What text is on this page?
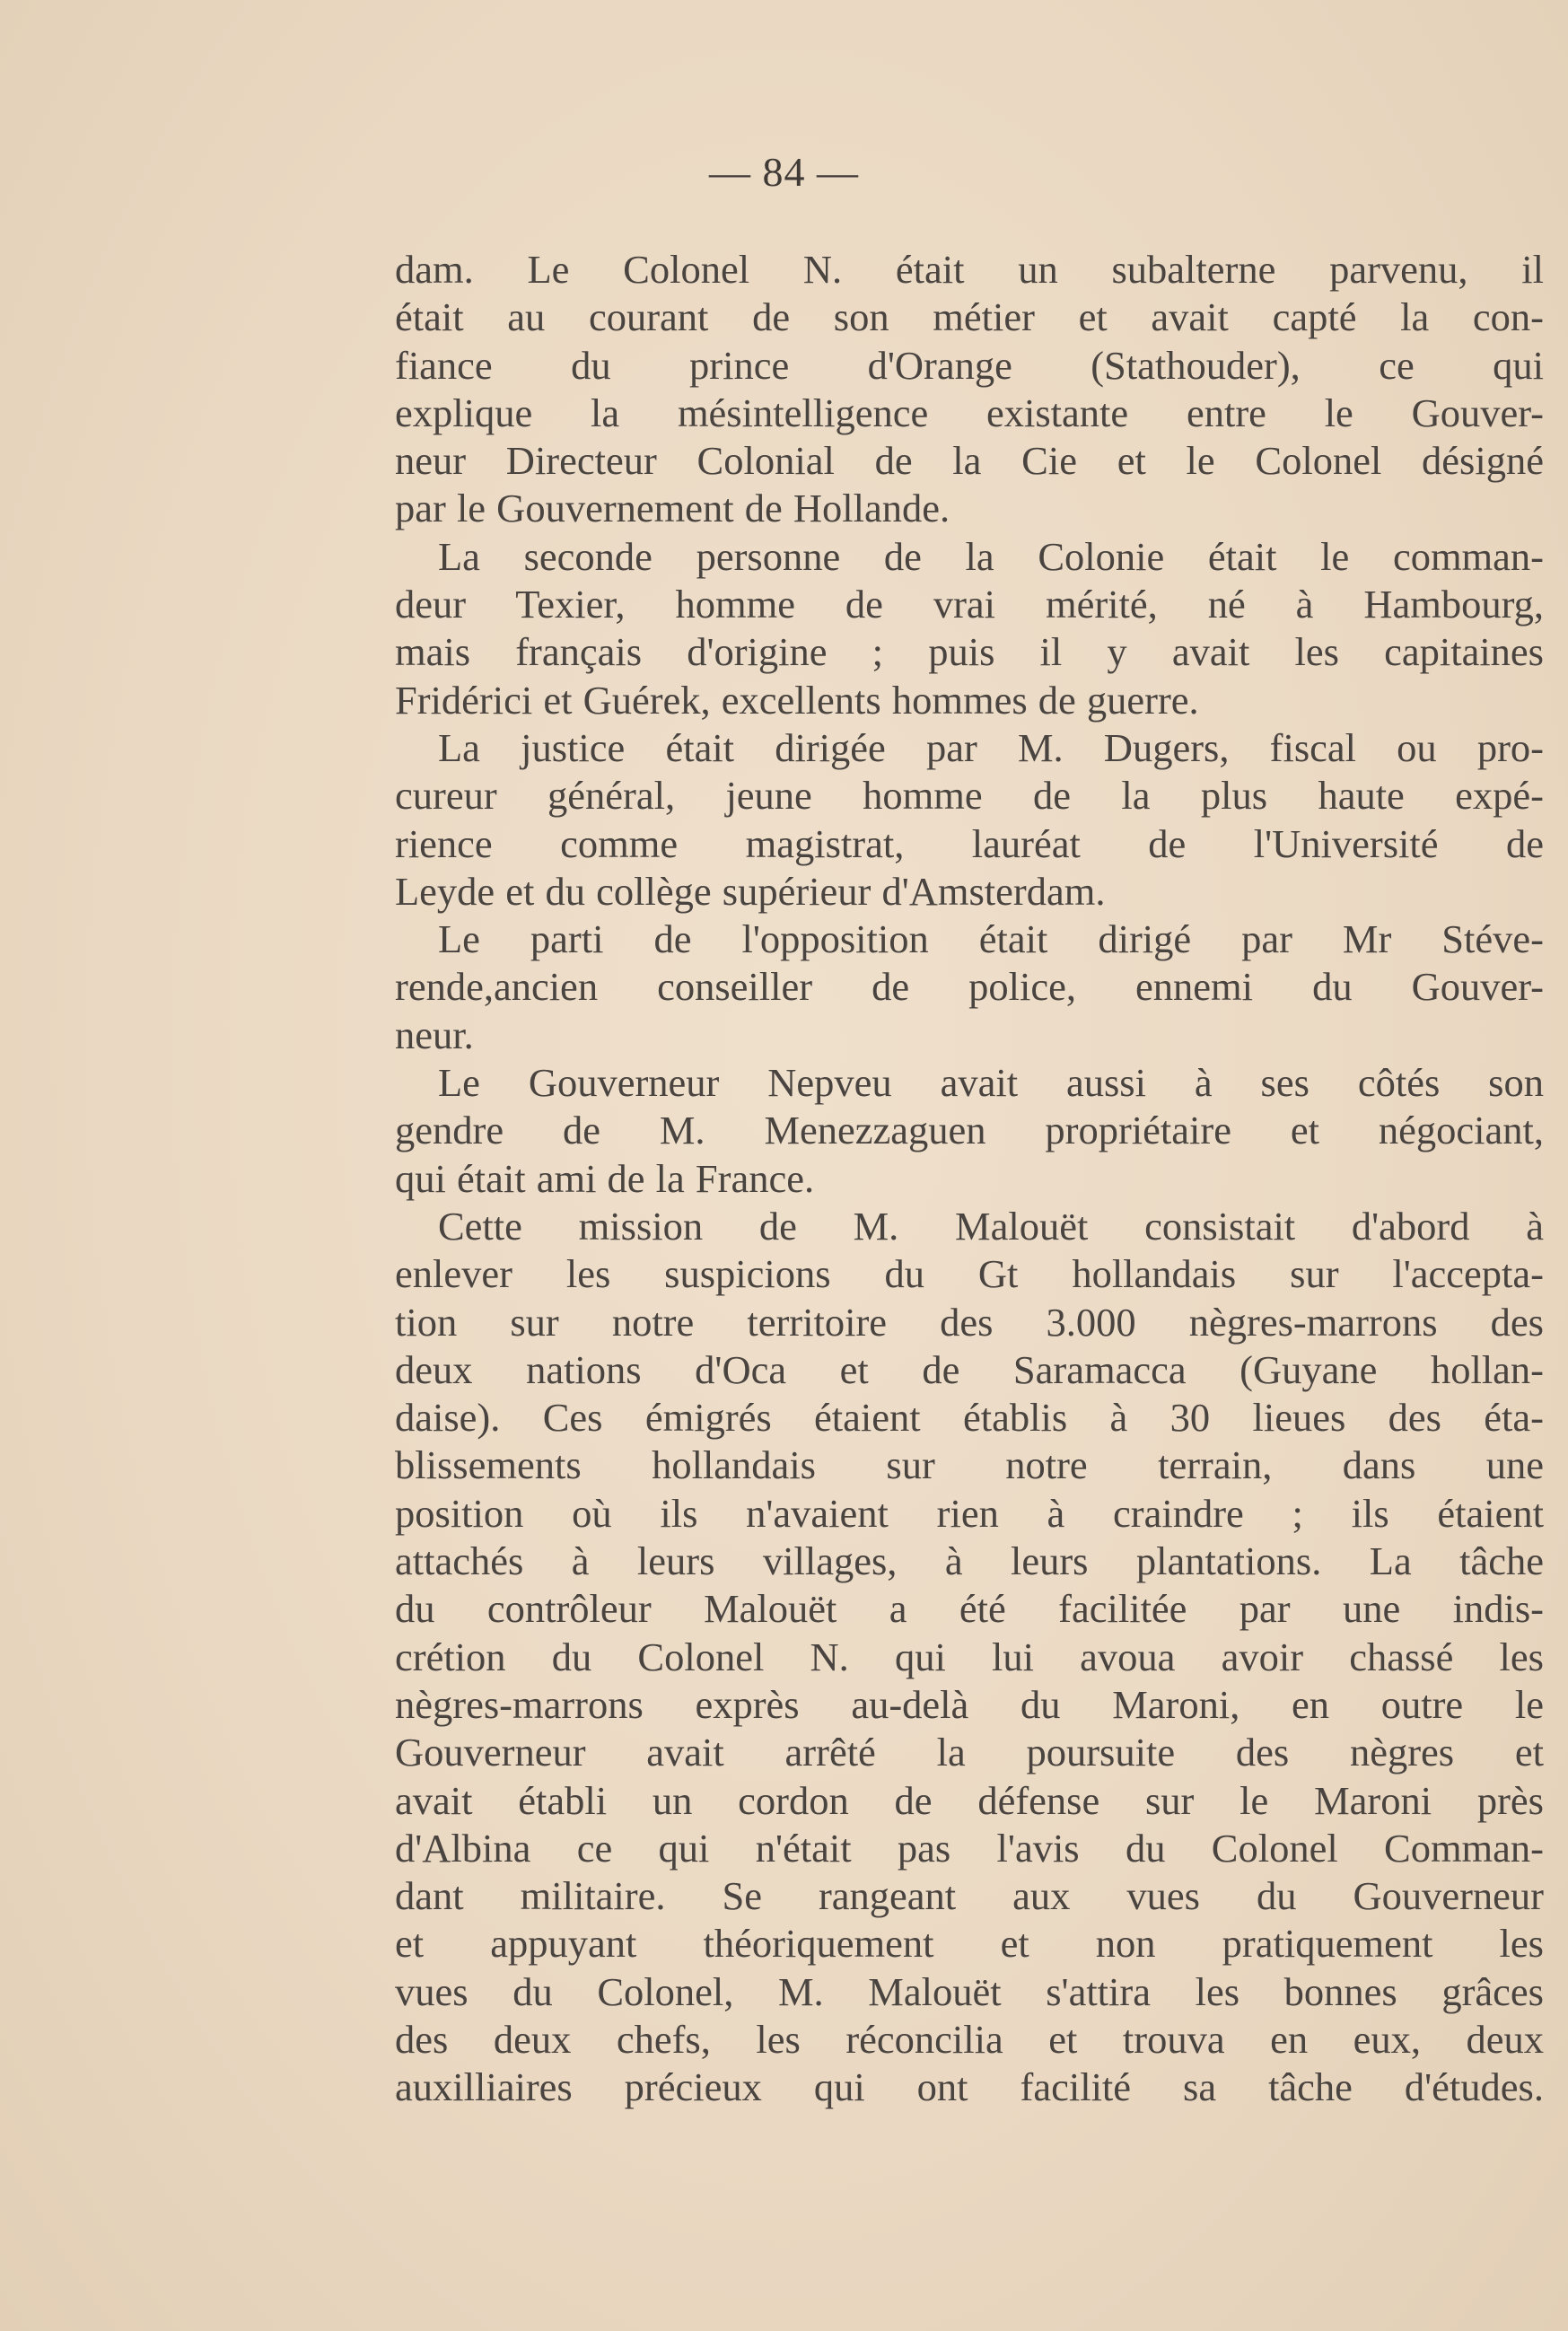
— 84 —
dam. Le Colonel N. était un subalterne parvenu, il
était au courant de son métier et avait capté la con-
fiance du prince d'Orange (Stathouder), ce qui
explique la mésintelligence existante entre le Gouver-
neur Directeur Colonial de la Cie et le Colonel désigné
par le Gouvernement de Hollande.
La seconde personne de la Colonie était le comman-
deur Texier, homme de vrai mérité, né à Hambourg,
mais français d'origine ; puis il y avait les capitaines
Fridérici et Guérek, excellents hommes de guerre.
La justice était dirigée par M. Dugers, fiscal ou pro-
cureur général, jeune homme de la plus haute expé-
rience comme magistrat, lauréat de l'Université de
Leyde et du collège supérieur d'Amsterdam.
Le parti de l'opposition était dirigé par Mr Stéve-
rende,ancien conseiller de police, ennemi du Gouver-
neur.
Le Gouverneur Nepveu avait aussi à ses côtés son
gendre de M. Menezzaguen propriétaire et négociant,
qui était ami de la France.
Cette mission de M. Malouët consistait d'abord à
enlever les suspicions du Gt hollandais sur l'accepta-
tion sur notre territoire des 3.000 nègres-marrons des
deux nations d'Oca et de Saramacca (Guyane hollan-
daise). Ces émigrés étaient établis à 30 lieues des éta-
blissements hollandais sur notre terrain, dans une
position où ils n'avaient rien à craindre ; ils étaient
attachés à leurs villages, à leurs plantations. La tâche
du contrôleur Malouët a été facilitée par une indis-
crétion du Colonel N. qui lui avoua avoir chassé les
nègres-marrons exprès au-delà du Maroni, en outre le
Gouverneur avait arrêté la poursuite des nègres et
avait établi un cordon de défense sur le Maroni près
d'Albina ce qui n'était pas l'avis du Colonel Comman-
dant militaire. Se rangeant aux vues du Gouverneur
et appuyant théoriquement et non pratiquement les
vues du Colonel, M. Malouët s'attira les bonnes grâces
des deux chefs, les réconcilia et trouva en eux, deux
auxilliaires précieux qui ont facilité sa tâche d'études.
